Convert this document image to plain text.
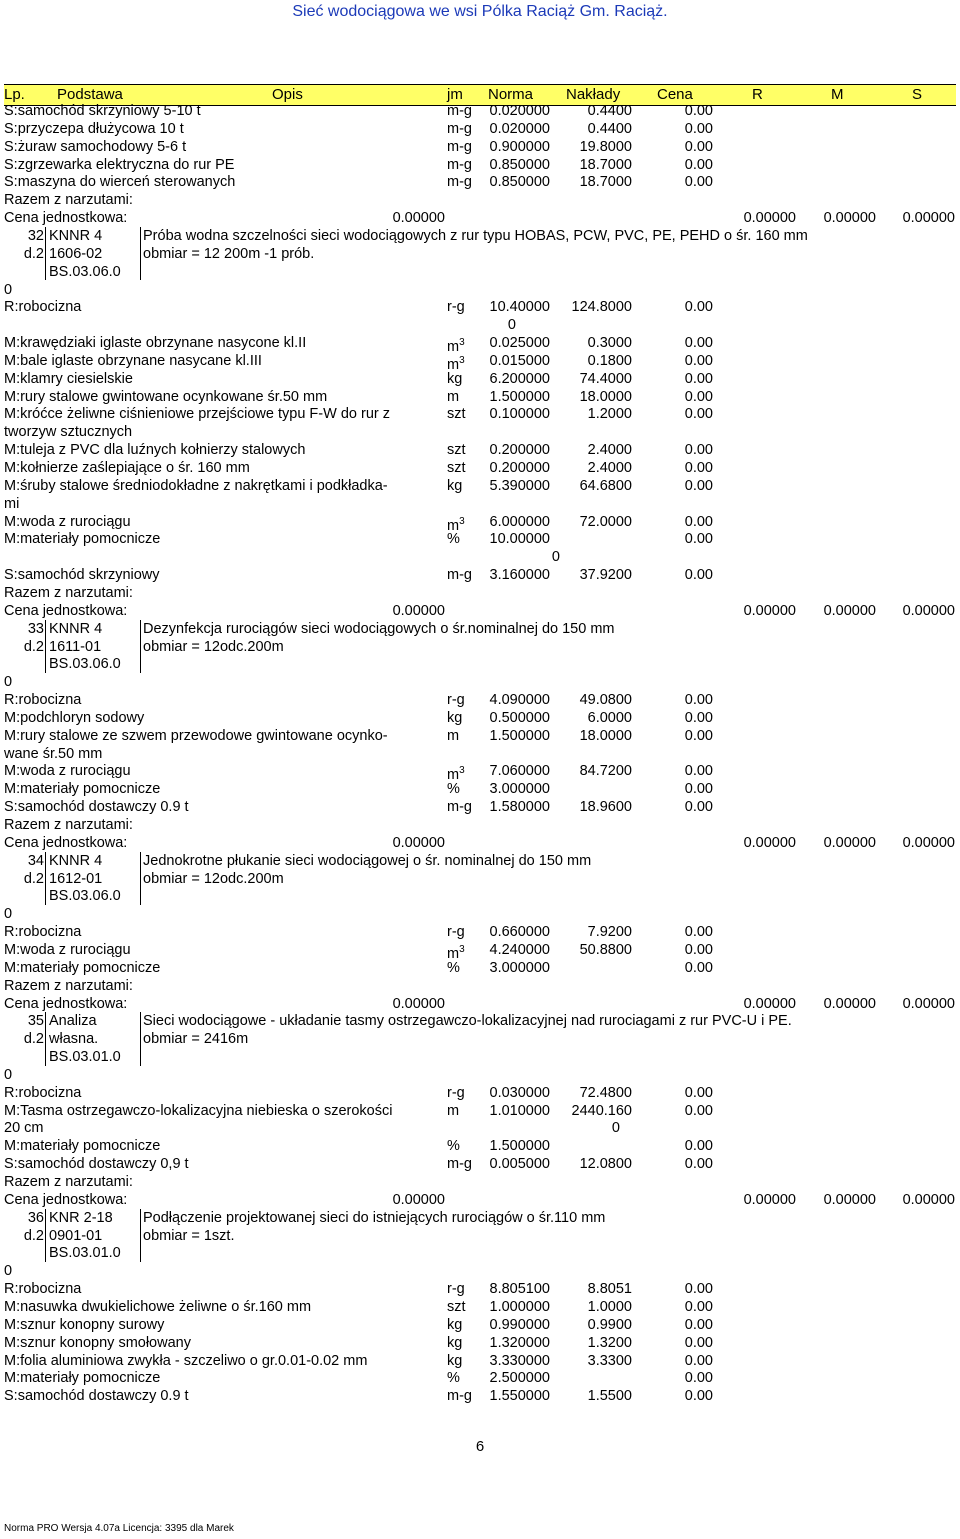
Sieć wodociągowa we wsi Pólka Raciąż Gm. Raciąż.
Lp. Podstawa	Opis	jm Norma Nakłady Cena	R	M	S
S:samochód skrzyniowy 5-10 t	m-g 0.020000	0.4400	0.00
S:przyczepa dłużycowa 10 t	m-g 0.020000	0.4400	0.00
S:żuraw samochodowy 5-6 t	m-g 0.900000 19.8000	0.00
S:zgrzewarka elektryczna do rur PE	m-g 0.850000 18.7000	0.00
S:maszyna do wierceń sterowanych	m-g 0.850000 18.7000	0.00
Razem z narzutami:
Cena jednostkowa:	0.00000	0.00000 0.00000 0.00000
32 KNNR 4	Próba wodna szczelności sieci wodociągowych z rur typu HOBAS, PCW, PVC, PE, PEHD o śr. 160 mm
d.2 1606-02	obmiar = 12 200m -1 prób.
BS.03.06.0
0
R:robocizna	r-g 10.40000 124.8000	0.00
0
M:krawędziaki iglaste obrzynane nasycone kl.II	$m^3$ 0.025000	0.3000	0.00
M:bale iglaste obrzynane nasycane kl.III	$m^3$ 0.015000	0.1800	0.00
M:klamry ciesielskie	kg 6.200000 74.4000	0.00
M:rury stalowe gwintowane ocynkowane śr.50 mm	m 1.500000 18.0000	0.00
M:króćce żeliwne ciśnieniowe przejściowe typu F-W do rur z	szt 0.100000	1.2000	0.00
tworzyw sztucznych
M:tuleja z PVC dla luźnych kołnierzy stalowych	szt 0.200000	2.4000	0.00
M:kołnierze zaślepiające o śr. 160 mm	szt 0.200000	2.4000	0.00
M:śruby stalowe średniodokładne z nakrętkami i podkładka-	kg 5.390000 64.6800	0.00
mi
M:woda z rurociągu	$m^3$ 6.000000 72.0000	0.00
M:materiały pomocnicze	% 10.00000	0.00
0
S:samochód skrzyniowy	m-g 3.160000 37.9200	0.00
Razem z narzutami:
Cena jednostkowa:	0.00000	0.00000 0.00000 0.00000
33 KNNR 4	Dezynfekcja rurociągów sieci wodociągowych o śr.nominalnej do 150 mm
d.2 1611-01	obmiar = 12odc.200m
BS.03.06.0
0
R:robocizna	r-g 4.090000 49.0800	0.00
M:podchloryn sodowy	kg 0.500000	6.0000	0.00
M:rury stalowe ze szwem przewodowe gwintowane ocynko-	m 1.500000 18.0000	0.00
wane śr.50 mm
M:woda z rurociągu	$m^3$ 7.060000 84.7200	0.00
M:materiały pomocnicze	% 3.000000	0.00
S:samochód dostawczy 0.9 t	m-g 1.580000 18.9600	0.00
Razem z narzutami:
Cena jednostkowa:	0.00000	0.00000 0.00000 0.00000
34 KNNR 4	Jednokrotne płukanie sieci wodociągowej o śr. nominalnej do 150 mm
d.2 1612-01	obmiar = 12odc.200m
BS.03.06.0
0
R:robocizna	r-g 0.660000	7.9200	0.00
M:woda z rurociągu	$m^3$ 4.240000 50.8800	0.00
M:materiały pomocnicze	% 3.000000	0.00
Razem z narzutami:
Cena jednostkowa:	0.00000	0.00000 0.00000 0.00000
35 Analiza	Sieci wodociągowe - układanie tasmy ostrzegawczo-lokalizacyjnej nad rurociagami z rur PVC-U i PE.
d.2 własna.	obmiar = 2416m
BS.03.01.0
0
R:robocizna	r-g 0.030000 72.4800	0.00
M:Tasma ostrzegawczo-lokalizacyjna niebieska o szerokości	m 1.010000 2440.160	0.00
20 cm	0
M:materiały pomocnicze	% 1.500000	0.00
S:samochód dostawczy 0,9 t	m-g 0.005000 12.0800	0.00
Razem z narzutami:
Cena jednostkowa:	0.00000	0.00000 0.00000 0.00000
36 KNR 2-18 Podłączenie projektowanej sieci do istniejących rurociągów o śr.110 mm
d.2 0901-01	obmiar = 1szt.
BS.03.01.0
0
R:robocizna	r-g 8.805100	8.8051	0.00
M:nasuwka dwukielichowe żeliwne o śr.160 mm	szt 1.000000	1.0000	0.00
M:sznur konopny surowy	kg 0.990000	0.9900	0.00
M:sznur konopny smołowany	kg 1.320000	1.3200	0.00
M:folia aluminiowa zwykła - szczeliwo o gr.0.01-0.02 mm	kg 3.330000	3.3300	0.00
M:materiały pomocnicze	% 2.500000	0.00
S:samochód dostawczy 0.9 t	m-g 1.550000	1.5500	0.00
6
Norma PRO Wersja 4.07a Licencja: 3395 dla Marek
